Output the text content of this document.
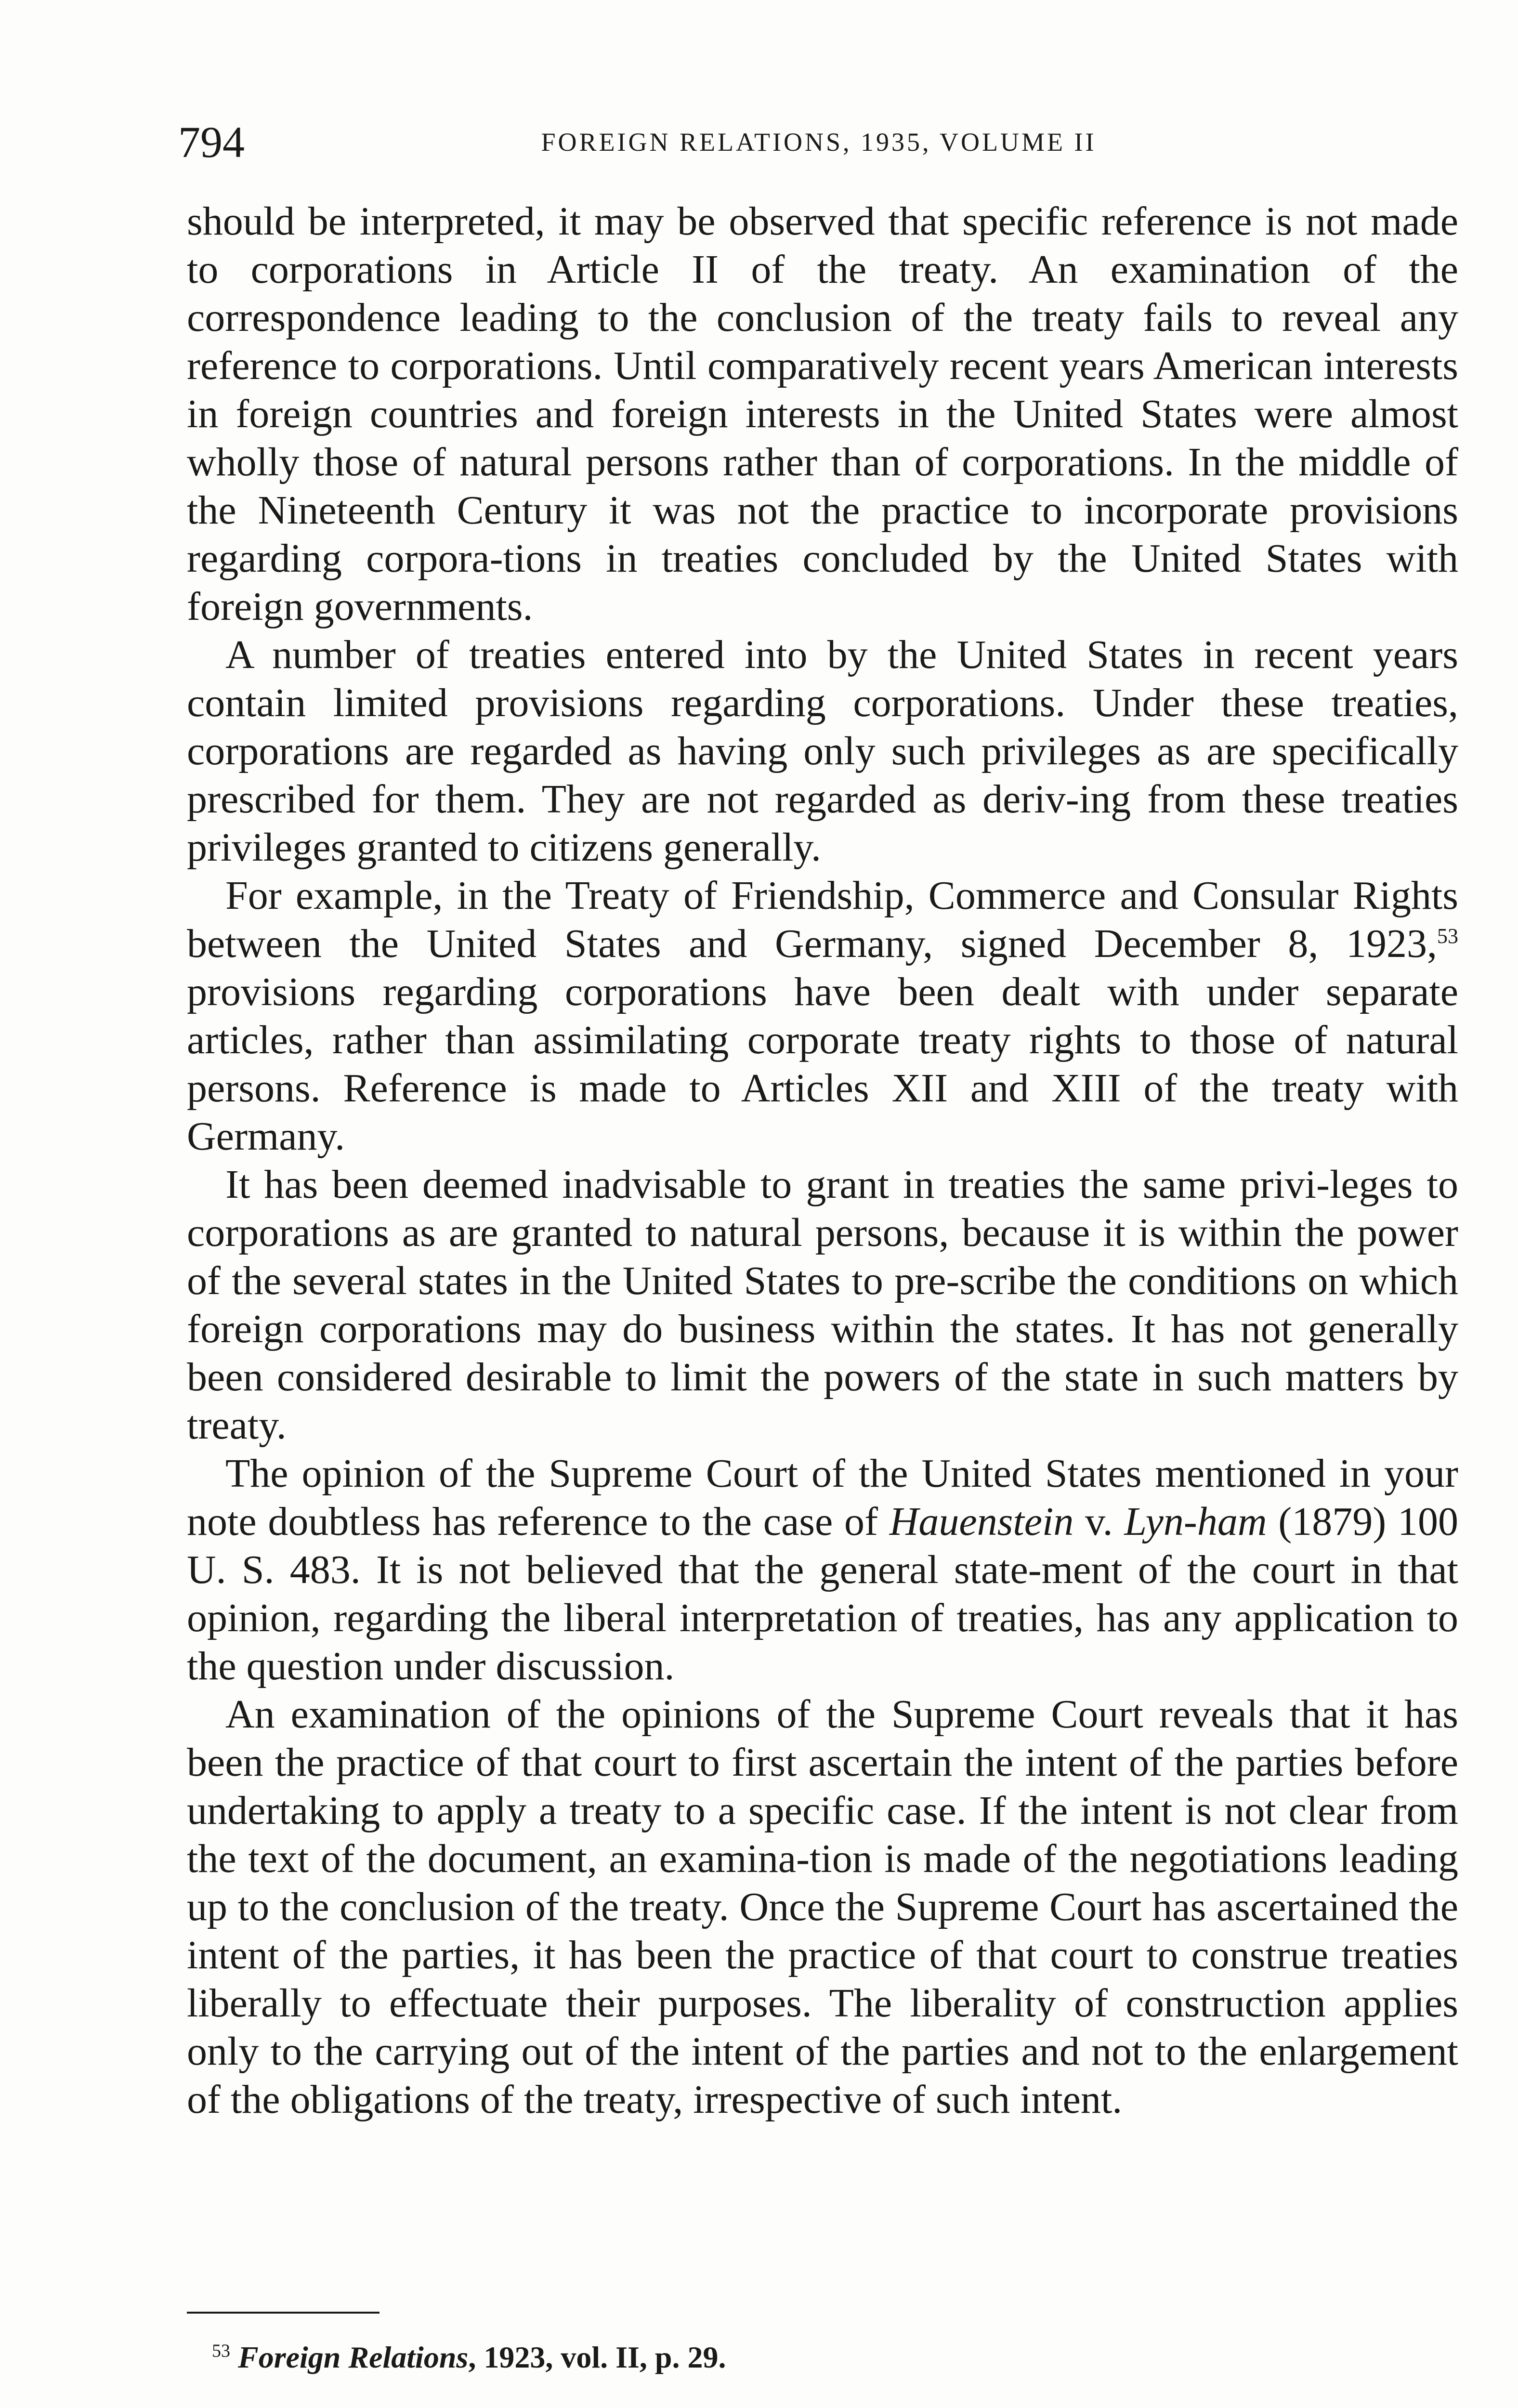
794	FOREIGN RELATIONS, 1935, VOLUME II

should be interpreted, it may be observed that specific reference is not made to corporations in Article II of the treaty. An examination of the correspondence leading to the conclusion of the treaty fails to reveal any reference to corporations. Until comparatively recent years American interests in foreign countries and foreign interests in the United States were almost wholly those of natural persons rather than of corporations. In the middle of the Nineteenth Century it was not the practice to incorporate provisions regarding corpora-tions in treaties concluded by the United States with foreign governments.

A number of treaties entered into by the United States in recent years contain limited provisions regarding corporations. Under these treaties, corporations are regarded as having only such privileges as are specifically prescribed for them. They are not regarded as deriv-ing from these treaties privileges granted to citizens generally.

For example, in the Treaty of Friendship, Commerce and Consular Rights between the United States and Germany, signed December 8, 1923,53 provisions regarding corporations have been dealt with under separate articles, rather than assimilating corporate treaty rights to those of natural persons. Reference is made to Articles XII and XIII of the treaty with Germany.

It has been deemed inadvisable to grant in treaties the same privi-leges to corporations as are granted to natural persons, because it is within the power of the several states in the United States to pre-scribe the conditions on which foreign corporations may do business within the states. It has not generally been considered desirable to limit the powers of the state in such matters by treaty.

The opinion of the Supreme Court of the United States mentioned in your note doubtless has reference to the case of Hauenstein v. Lyn-ham (1879) 100 U. S. 483. It is not believed that the general state-ment of the court in that opinion, regarding the liberal interpretation of treaties, has any application to the question under discussion.

An examination of the opinions of the Supreme Court reveals that it has been the practice of that court to first ascertain the intent of the parties before undertaking to apply a treaty to a specific case. If the intent is not clear from the text of the document, an examina-tion is made of the negotiations leading up to the conclusion of the treaty. Once the Supreme Court has ascertained the intent of the parties, it has been the practice of that court to construe treaties liberally to effectuate their purposes. The liberality of construction applies only to the carrying out of the intent of the parties and not to the enlargement of the obligations of the treaty, irrespective of such intent.

$^{53}$ Foreign Relations, 1923, vol. II, p. 29.
